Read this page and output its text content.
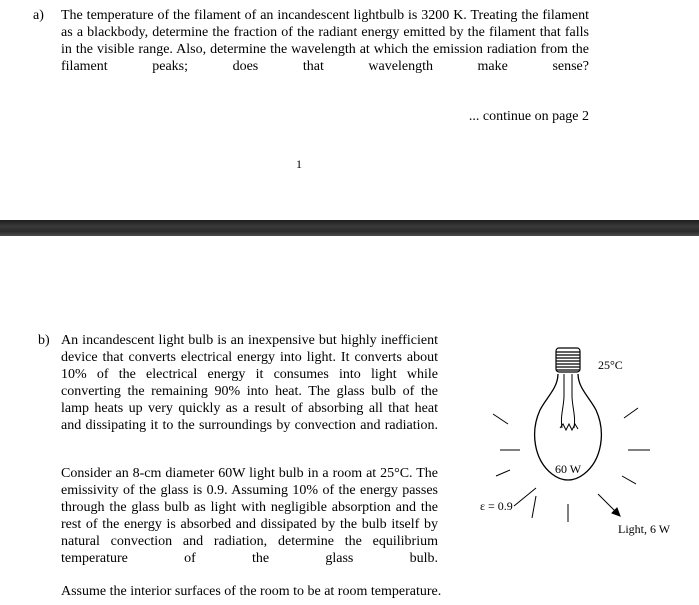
a) The temperature of the filament of an incandescent lightbulb is 3200 K. Treating the filament as a blackbody, determine the fraction of the radiant energy emitted by the filament that falls in the visible range. Also, determine the wavelength at which the emission radiation from the filament peaks; does that wavelength make sense?

... continue on page 2
1
b) An incandescent light bulb is an inexpensive but highly inefficient device that converts electrical energy into light. It converts about 10% of the electrical energy it consumes into light while converting the remaining 90% into heat. The glass bulb of the lamp heats up very quickly as a result of absorbing all that heat and dissipating it to the surroundings by convection and radiation.

Consider an 8-cm diameter 60W light bulb in a room at 25°C. The emissivity of the glass is 0.9. Assuming 10% of the energy passes through the glass bulb as light with negligible absorption and the rest of the energy is absorbed and dissipated by the bulb itself by natural convection and radiation, determine the equilibrium temperature of the glass bulb.

Assume the interior surfaces of the room to be at room temperature.

25°C
60 W
ε = 0.9
Light, 6 W
